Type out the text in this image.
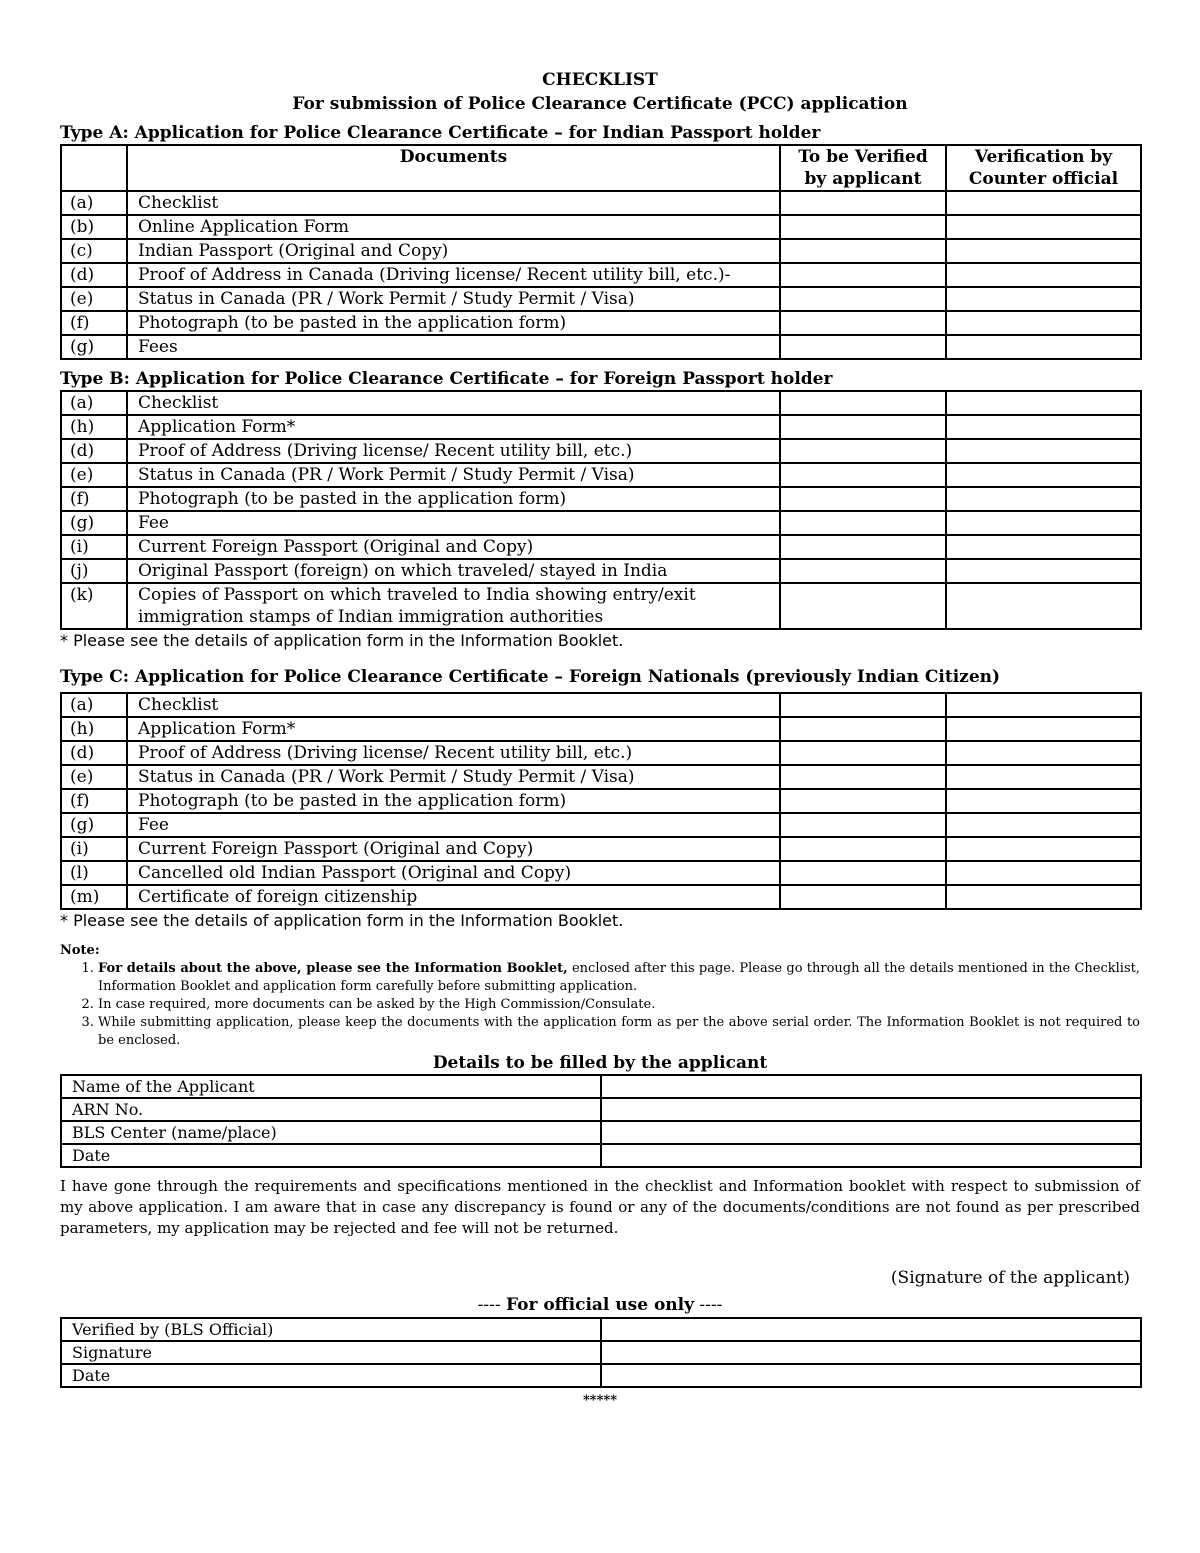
CHECKLIST
For submission of Police Clearance Certificate (PCC) application
Type A: Application for Police Clearance Certificate – for Indian Passport holder
	Documents	To be Verified by applicant	Verification by Counter official
(a)	Checklist		
(b)	Online Application Form		
(c)	Indian Passport (Original and Copy)		
(d)	Proof of Address in Canada (Driving license/ Recent utility bill, etc.)-		
(e)	Status in Canada (PR / Work Permit / Study Permit / Visa)		
(f)	Photograph (to be pasted in the application form)		
(g)	Fees		
Type B: Application for Police Clearance Certificate – for Foreign Passport holder
(a)	Checklist		
(h)	Application Form*		
(d)	Proof of Address (Driving license/ Recent utility bill, etc.)		
(e)	Status in Canada (PR / Work Permit / Study Permit / Visa)		
(f)	Photograph (to be pasted in the application form)		
(g)	Fee		
(i)	Current Foreign Passport (Original and Copy)		
(j)	Original Passport (foreign) on which traveled/ stayed in India		
(k)	Copies of Passport on which traveled to India showing entry/exit immigration stamps of Indian immigration authorities		
* Please see the details of application form in the Information Booklet.
Type C: Application for Police Clearance Certificate – Foreign Nationals (previously Indian Citizen)
(a)	Checklist		
(h)	Application Form*		
(d)	Proof of Address (Driving license/ Recent utility bill, etc.)		
(e)	Status in Canada (PR / Work Permit / Study Permit / Visa)		
(f)	Photograph (to be pasted in the application form)		
(g)	Fee		
(i)	Current Foreign Passport (Original and Copy)		
(l)	Cancelled old Indian Passport (Original and Copy)		
(m)	Certificate of foreign citizenship		
* Please see the details of application form in the Information Booklet.
Note:
1. For details about the above, please see the Information Booklet, enclosed after this page. Please go through all the details mentioned in the Checklist, Information Booklet and application form carefully before submitting application.
2. In case required, more documents can be asked by the High Commission/Consulate.
3. While submitting application, please keep the documents with the application form as per the above serial order. The Information Booklet is not required to be enclosed.
Details to be filled by the applicant
Name of the Applicant	
ARN No.	
BLS Center (name/place)	
Date	
I have gone through the requirements and specifications mentioned in the checklist and Information booklet with respect to submission of my above application. I am aware that in case any discrepancy is found or any of the documents/conditions are not found as per prescribed parameters, my application may be rejected and fee will not be returned.
(Signature of the applicant)
---- For official use only ----
Verified by (BLS Official)	
Signature	
Date	
*****
